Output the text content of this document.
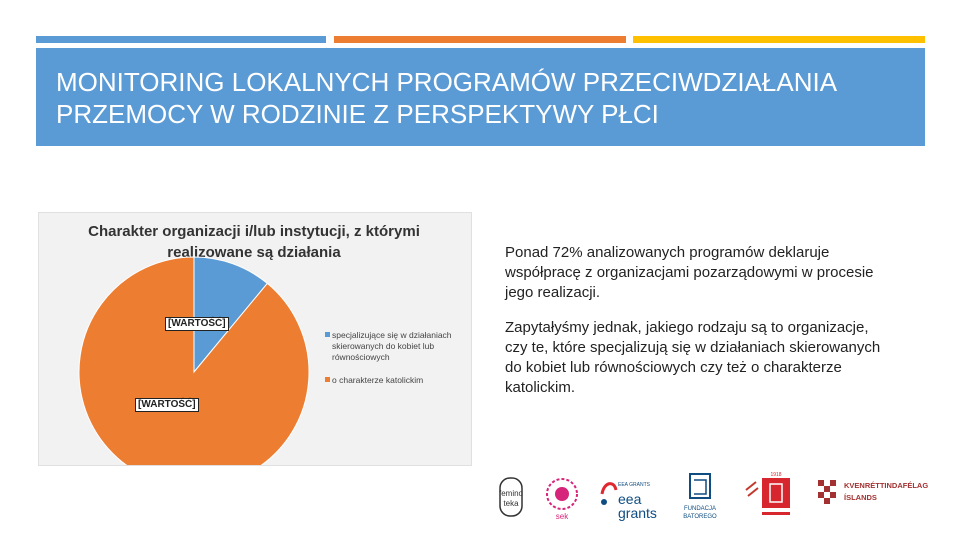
MONITORING LOKALNYCH PROGRAMÓW PRZECIWDZIAŁANIA
PRZEMOCY W RODZINIE Z PERSPEKTYWY PŁCI
Charakter organizacji i/lub instytucji, z którymi realizowane są działania
[WARTOŚĆ]
[WARTOŚĆ]
specjalizujące się w działaniach skierowanych do kobiet lub równościowych
o charakterze katolickim
Ponad 72% analizowanych programów deklaruje współpracę z organizacjami pozarządowymi w procesie jego realizacji.
Zapytałyśmy jednak, jakiego rodzaju są to organizacje, czy te, które specjalizują się w działaniach skierowanych do kobiet lub równościowych czy też o charakterze katolickim.
femino
teka
sek
EEA GRANTS
eea
grants	FUNDACJA
BATOREGO
1918
KVENRÉTTINDAFÉLAG
ÍSLANDS
